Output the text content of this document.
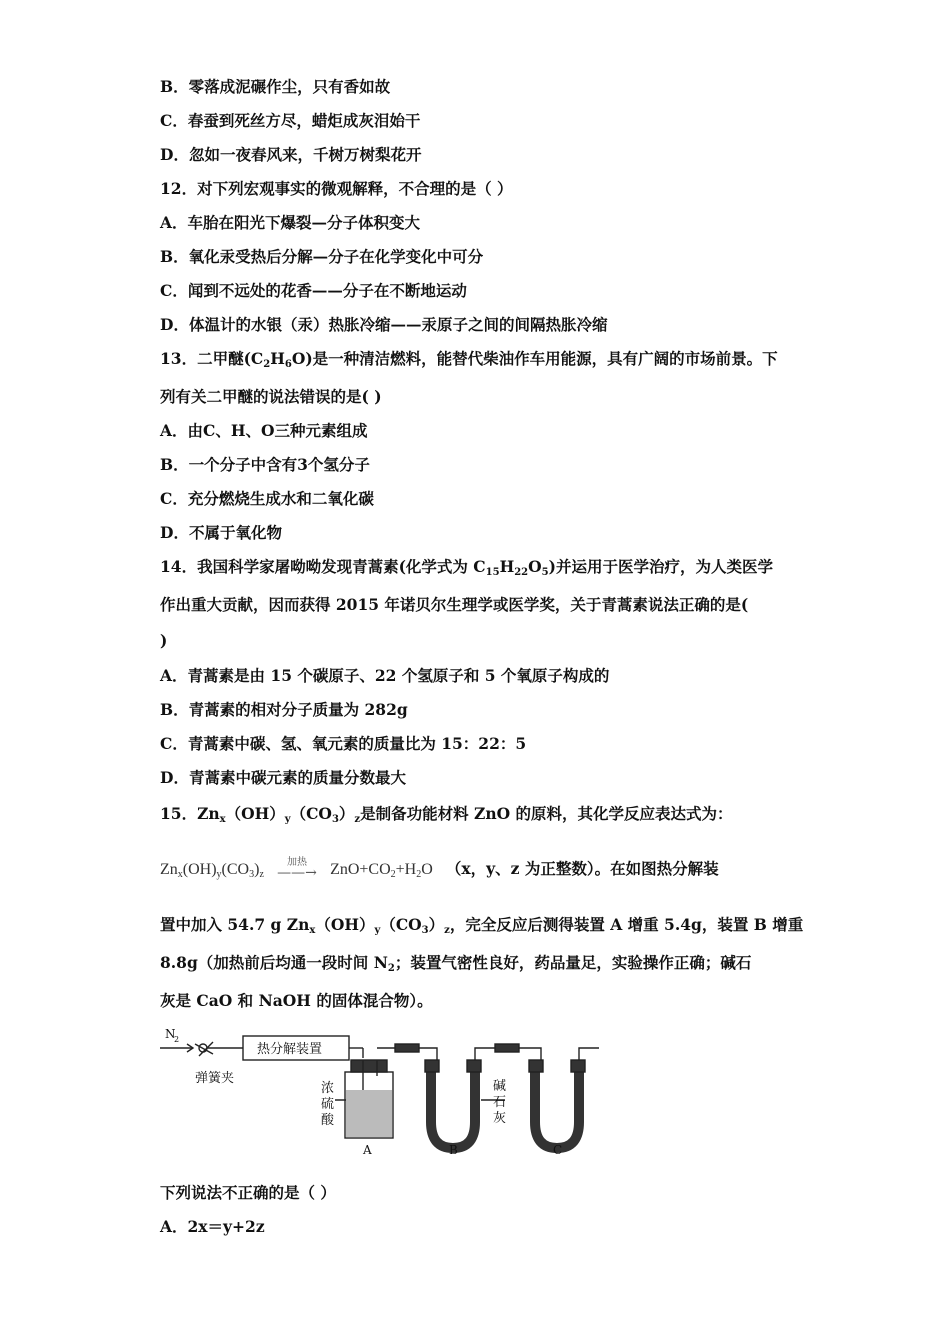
B．零落成泥碾作尘，只有香如故
C．春蚕到死丝方尽，蜡炬成灰泪始干
D．忽如一夜春风来，千树万树梨花开
12．对下列宏观事实的微观解释，不合理的是（ ）
A．车胎在阳光下爆裂—分子体积变大
B．氧化汞受热后分解—分子在化学变化中可分
C．闻到不远处的花香——分子在不断地运动
D．体温计的水银（汞）热胀冷缩——汞原子之间的间隔热胀冷缩
13．二甲醚$(C_2H_6O)$是一种清洁燃料，能替代柴油作车用能源，具有广阔的市场前景。下
列有关二甲醚的说法错误的是( )
A．由C、H、O三种元素组成
B．一个分子中含有3个氢分子
C．充分燃烧生成水和二氧化碳
D．不属于氧化物
14．我国科学家屠呦呦发现青蒿素(化学式为 $C_{15}H_{22}O_5$)并运用于医学治疗，为人类医学
作出重大贡献，因而获得 2015 年诺贝尔生理学或医学奖，关于青蒿素说法正确的是(
)
A．青蒿素是由 15 个碳原子、22 个氢原子和 5 个氧原子构成的
B．青蒿素的相对分子质量为 282g
C．青蒿素中碳、氢、氧元素的质量比为 15：22：5
D．青蒿素中碳元素的质量分数最大
15．$Zn_x(OH)_y(CO_3)_z$是制备功能材料 ZnO 的原料，其化学反应表达式为：
$Zn_x(OH)_y(CO_3)_z$
加热
——→ $ZnO+CO_2+H_2O$ （x，y、z 为正整数）。在如图热分解装
置中加入 54.7 g $Zn_x(OH)_y(CO_3)_z$，完全反应后测得装置 A 增重 5.4g，装置 B 增重
8.8g（加热前后均通一段时间 $N_2$；装置气密性良好，药品量足，实验操作正确；碱石
灰是 CaO 和 NaOH 的固体混合物）。
N
2
热分解装置
弹簧夹
浓
硫
酸
A	B	C
碱
石
灰
下列说法不正确的是（ ）
A．2x＝y+2z
